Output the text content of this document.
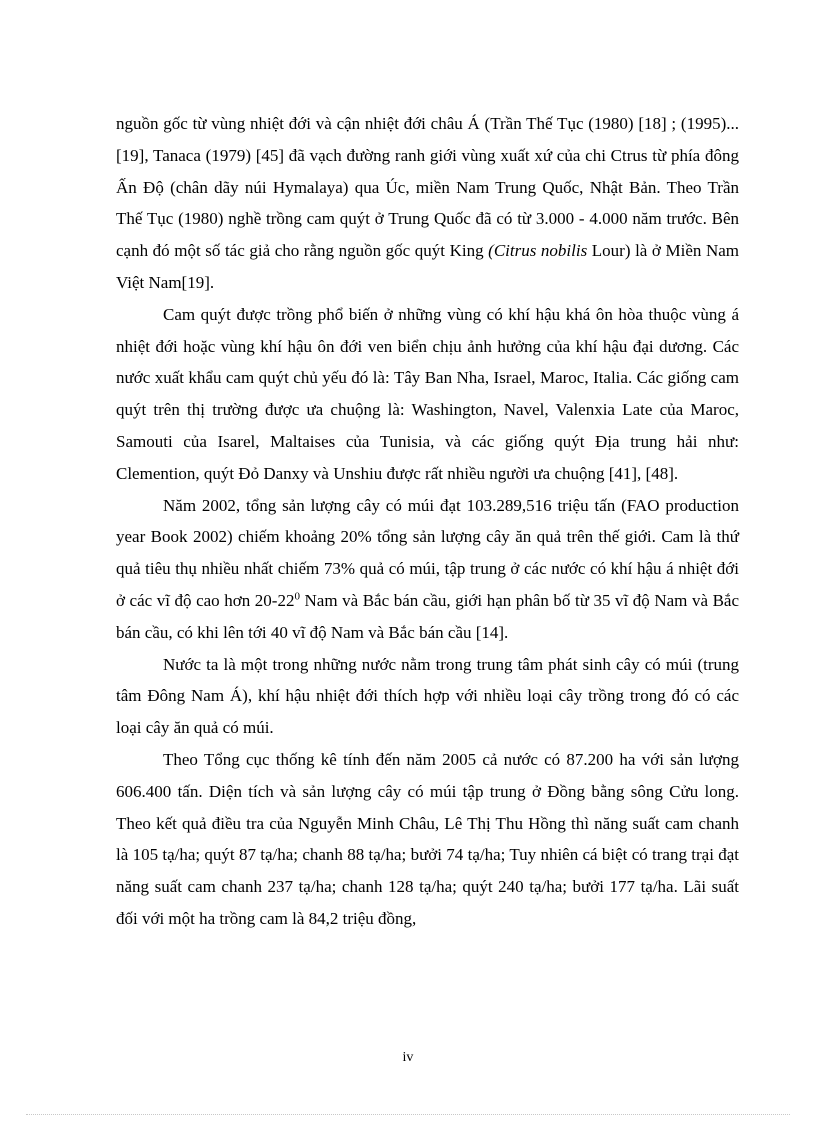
nguồn gốc từ vùng nhiệt đới và cận nhiệt đới châu Á (Trần Thế Tục (1980) [18] ; (1995)...[19], Tanaca (1979) [45] đã vạch đường ranh giới vùng xuất xứ của chi Ctrus từ phía đông Ấn Độ (chân dãy núi Hymalaya) qua Úc, miền Nam Trung Quốc, Nhật Bản. Theo Trần Thế Tục (1980) nghề trồng cam quýt ở Trung Quốc đã có từ 3.000 - 4.000 năm trước. Bên cạnh đó một số tác giả cho rằng nguồn gốc quýt King (Citrus nobilis Lour) là ở Miền Nam Việt Nam[19].

Cam quýt được trồng phổ biến ở những vùng có khí hậu khá ôn hòa thuộc vùng á nhiệt đới hoặc vùng khí hậu ôn đới ven biển chịu ảnh hưởng của khí hậu đại dương. Các nước xuất khẩu cam quýt chủ yếu đó là: Tây Ban Nha, Israel, Maroc, Italia. Các giống cam quýt trên thị trường được ưa chuộng là: Washington, Navel, Valenxia Late của Maroc, Samouti của Isarel, Maltaises của Tunisia, và các giống quýt Địa trung hải như: Clemention, quýt Đỏ Danxy và Unshiu được rất nhiều người ưa chuộng [41], [48].

Năm 2002, tổng sản lượng cây có múi đạt 103.289,516 triệu tấn (FAO production year Book 2002) chiếm khoảng 20% tổng sản lượng cây ăn quả trên thế giới. Cam là thứ quả tiêu thụ nhiều nhất chiếm 73% quả có múi, tập trung ở các nước có khí hậu á nhiệt đới ở các vĩ độ cao hơn $20-22^0$ Nam và Bắc bán cầu, giới hạn phân bố từ 35 vĩ độ Nam và Bắc bán cầu, có khi lên tới 40 vĩ độ Nam và Bắc bán cầu [14].

Nước ta là một trong những nước nằm trong trung tâm phát sinh cây có múi (trung tâm Đông Nam Á), khí hậu nhiệt đới thích hợp với nhiều loại cây trồng trong đó có các loại cây ăn quả có múi.

Theo Tổng cục thống kê tính đến năm 2005 cả nước có 87.200 ha với sản lượng 606.400 tấn. Diện tích và sản lượng cây có múi tập trung ở Đồng bằng sông Cửu long. Theo kết quả điều tra của Nguyễn Minh Châu, Lê Thị Thu Hồng thì năng suất cam chanh là 105 tạ/ha; quýt 87 tạ/ha; chanh 88 tạ/ha; bưởi 74 tạ/ha; Tuy nhiên cá biệt có trang trại đạt năng suất cam chanh 237 tạ/ha; chanh 128 tạ/ha; quýt 240 tạ/ha; bưởi 177 tạ/ha. Lãi suất đối với một ha trồng cam là 84,2 triệu đồng,

iv
